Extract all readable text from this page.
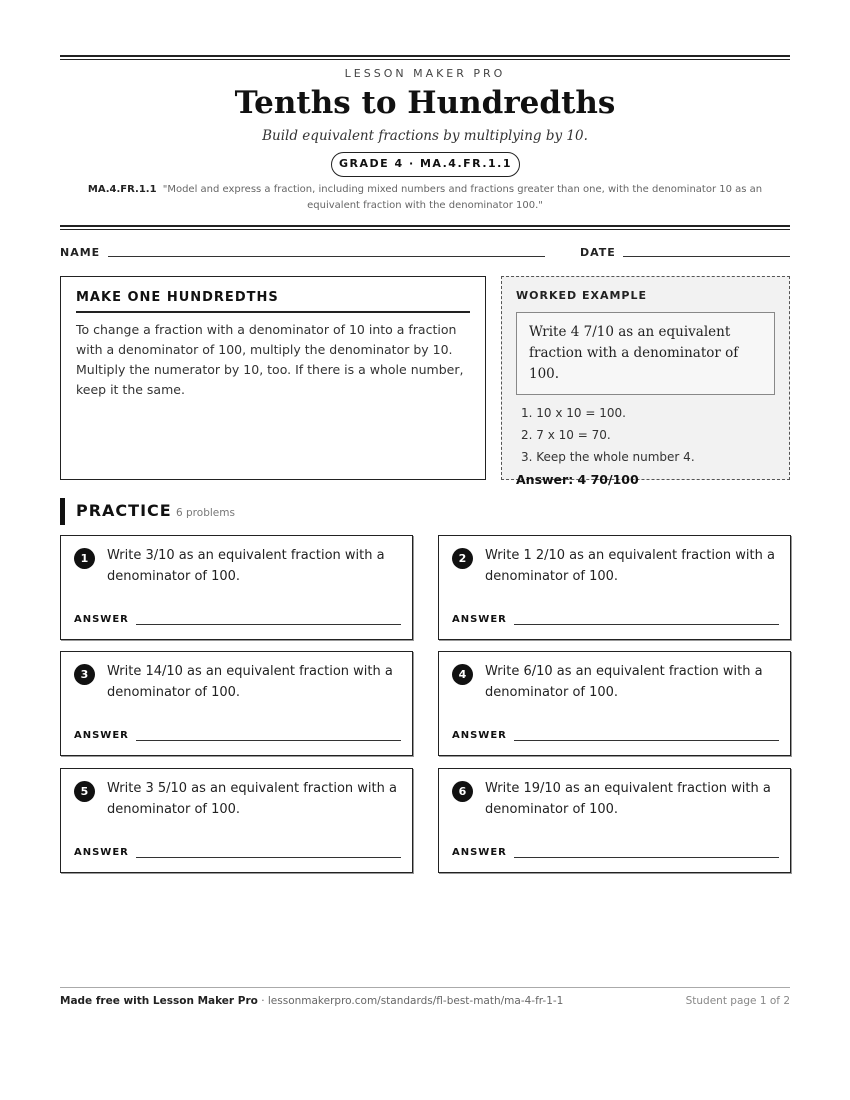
LESSON MAKER PRO
Tenths to Hundredths
Build equivalent fractions by multiplying by 10.
GRADE 4 · MA.4.FR.1.1
MA.4.FR.1.1 "Model and express a fraction, including mixed numbers and fractions greater than one, with the denominator 10 as an equivalent fraction with the denominator 100."
NAME	DATE
MAKE ONE HUNDREDTHS
To change a fraction with a denominator of 10 into a fraction with a denominator of 100, multiply the denominator by 10. Multiply the numerator by 10, too. If there is a whole number, keep it the same.
WORKED EXAMPLE
Write 4 7/10 as an equivalent fraction with a denominator of 100.
1. 10 x 10 = 100.
2. 7 x 10 = 70.
3. Keep the whole number 4.
Answer: 4 70/100
PRACTICE 6 problems
1	Write 3/10 as an equivalent fraction with a denominator of 100.
ANSWER
2	Write 1 2/10 as an equivalent fraction with a denominator of 100.
ANSWER
3	Write 14/10 as an equivalent fraction with a denominator of 100.
ANSWER
4	Write 6/10 as an equivalent fraction with a denominator of 100.
ANSWER
5	Write 3 5/10 as an equivalent fraction with a denominator of 100.
ANSWER
6	Write 19/10 as an equivalent fraction with a denominator of 100.
ANSWER
Made free with Lesson Maker Pro · lessonmakerpro.com/standards/fl-best-math/ma-4-fr-1-1	Student page 1 of 2
